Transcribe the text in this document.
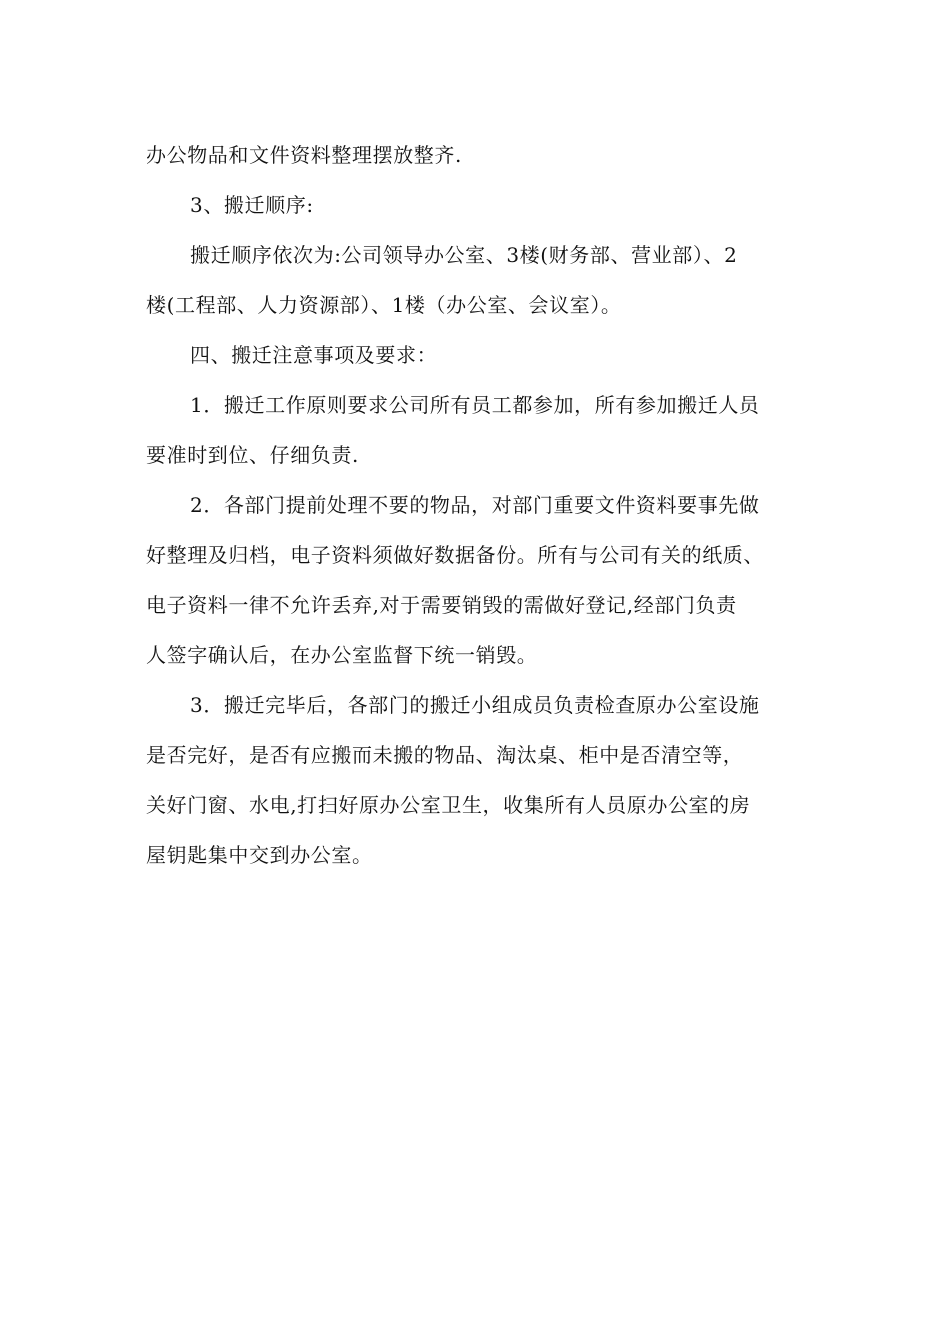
办公物品和文件资料整理摆放整齐.
3、搬迁顺序:
搬迁顺序依次为:公司领导办公室、3楼(财务部、营业部）、2
楼(工程部、人力资源部）、1楼（办公室、会议室）。
四、搬迁注意事项及要求：
1．搬迁工作原则要求公司所有员工都参加，所有参加搬迁人员
要准时到位、仔细负责.
2．各部门提前处理不要的物品，对部门重要文件资料要事先做
好整理及归档，电子资料须做好数据备份。所有与公司有关的纸质、
电子资料一律不允许丢弃,对于需要销毁的需做好登记,经部门负责
人签字确认后，在办公室监督下统一销毁。
3．搬迁完毕后，各部门的搬迁小组成员负责检查原办公室设施
是否完好，是否有应搬而未搬的物品、淘汰桌、柜中是否清空等，
关好门窗、水电,打扫好原办公室卫生，收集所有人员原办公室的房
屋钥匙集中交到办公室。
